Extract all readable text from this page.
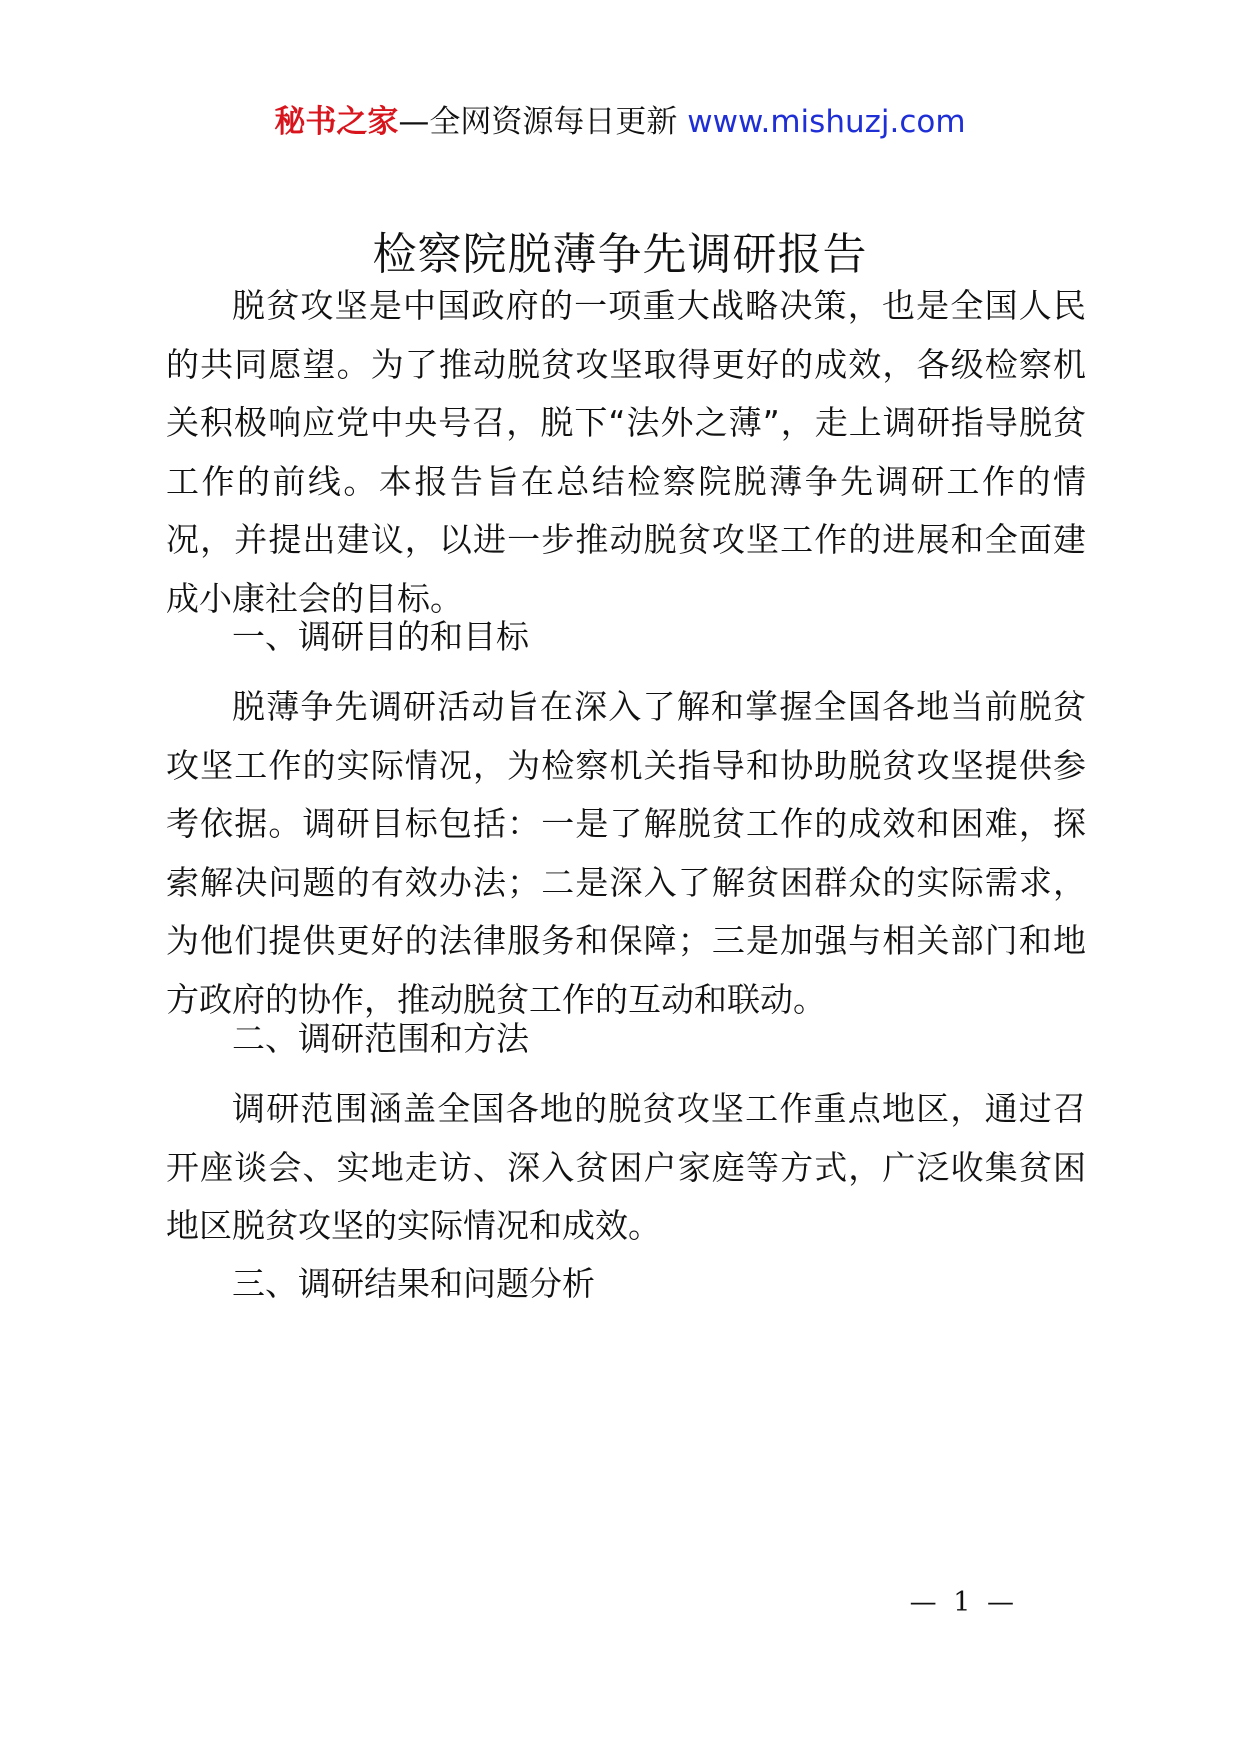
秘书之家—全网资源每日更新 www.mishuzj.com
检察院脱薄争先调研报告

脱贫攻坚是中国政府的一项重大战略决策，也是全国人民的共同愿望。为了推动脱贫攻坚取得更好的成效，各级检察机关积极响应党中央号召，脱下“法外之薄”，走上调研指导脱贫工作的前线。本报告旨在总结检察院脱薄争先调研工作的情况，并提出建议，以进一步推动脱贫攻坚工作的进展和全面建成小康社会的目标。

一、调研目的和目标

脱薄争先调研活动旨在深入了解和掌握全国各地当前脱贫攻坚工作的实际情况，为检察机关指导和协助脱贫攻坚提供参考依据。调研目标包括：一是了解脱贫工作的成效和困难，探索解决问题的有效办法；二是深入了解贫困群众的实际需求，为他们提供更好的法律服务和保障；三是加强与相关部门和地方政府的协作，推动脱贫工作的互动和联动。

二、调研范围和方法

调研范围涵盖全国各地的脱贫攻坚工作重点地区，通过召开座谈会、实地走访、深入贫困户家庭等方式，广泛收集贫困地区脱贫攻坚的实际情况和成效。

三、调研结果和问题分析

— 1 —
